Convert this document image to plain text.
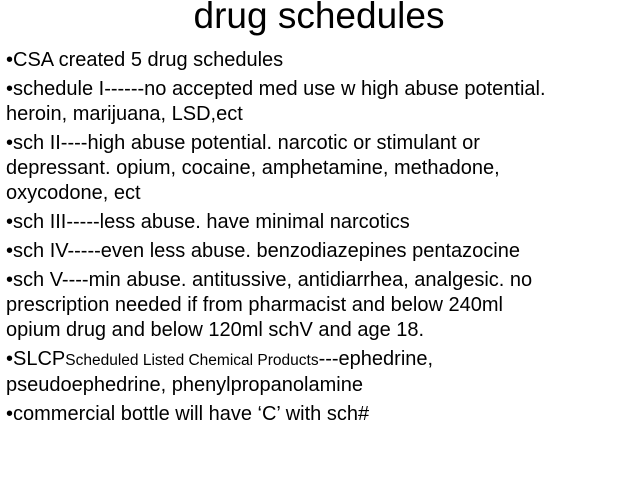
drug schedules
•CSA created 5 drug schedules
•schedule I------no accepted med use w high abuse potential.
heroin, marijuana, LSD,ect
•sch II----high abuse potential. narcotic or stimulant or
depressant. opium, cocaine, amphetamine, methadone,
oxycodone, ect
•sch III-----less abuse. have minimal narcotics
•sch IV-----even less abuse. benzodiazepines pentazocine
•sch V----min abuse. antitussive, antidiarrhea, analgesic. no
prescription needed if from pharmacist and below 240ml
opium drug and below 120ml schV and age 18.
•SLCPScheduled Listed Chemical Products---ephedrine,
pseudoephedrine, phenylpropanolamine
•commercial bottle will have ‘C’ with sch#
